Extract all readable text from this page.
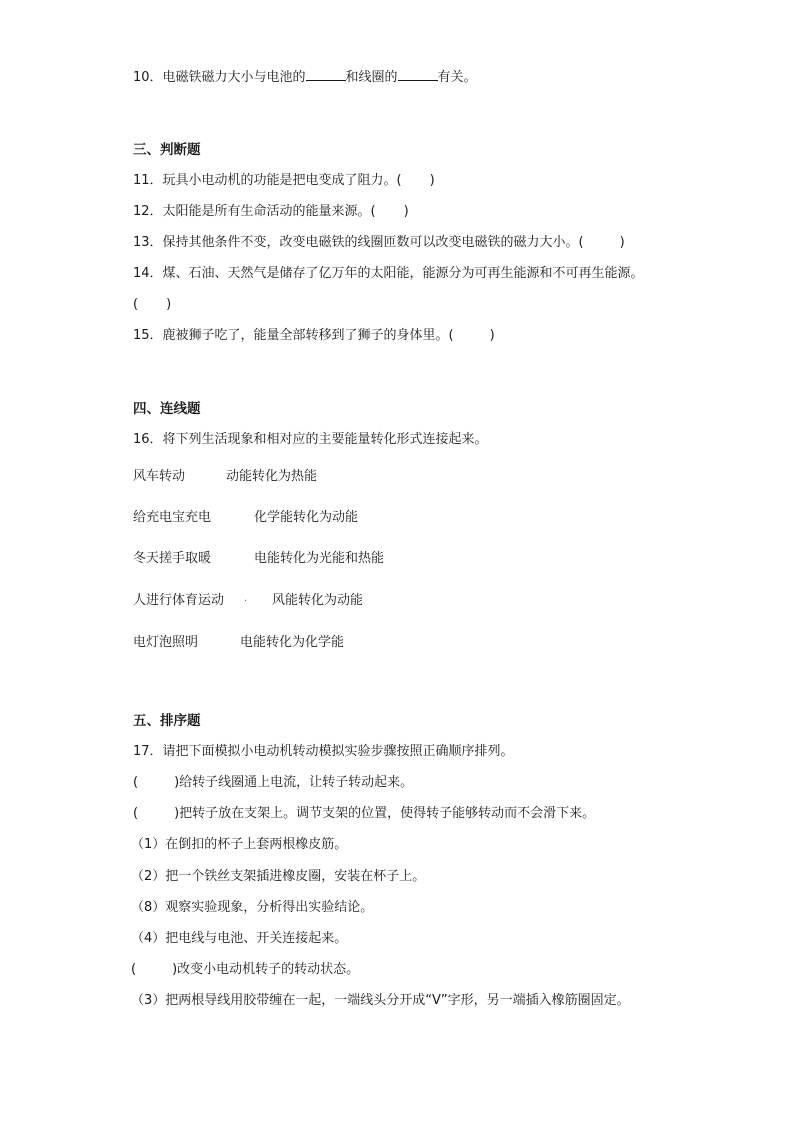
10．电磁铁磁力大小与电池的	和线圈的	有关。
三、判断题
11．玩具小电动机的功能是把电变成了阻力。( )
12．太阳能是所有生命活动的能量来源。( )
13．保持其他条件不变，改变电磁铁的线圈匝数可以改变电磁铁的磁力大小。(	)
14．煤、石油、天然气是储存了亿万年的太阳能，能源分为可再生能源和不可再生能源。
( )
15．鹿被狮子吃了，能量全部转移到了狮子的身体里。(	)
四、连线题
16．将下列生活现象和相对应的主要能量转化形式连接起来。
风车转动	动能转化为热能
给充电宝充电	化学能转化为动能
冬天搓手取暖	电能转化为光能和热能
人进行体育运动 · 风能转化为动能
电灯泡照明	电能转化为化学能
五、排序题
17．请把下面模拟小电动机转动模拟实验步骤按照正确顺序排列。
(	)给转子线圈通上电流，让转子转动起来。
(	)把转子放在支架上。调节支架的位置，使得转子能够转动而不会滑下来。
（1）在倒扣的杯子上套两根橡皮筋。
（2）把一个铁丝支架插进橡皮圈，安装在杯子上。
（8）观察实验现象，分析得出实验结论。
（4）把电线与电池、开关连接起来。
(	)改变小电动机转子的转动状态。
（3）把两根导线用胶带缠在一起，一端线头分开成“V”字形，另一端插入橡筋圈固定。
